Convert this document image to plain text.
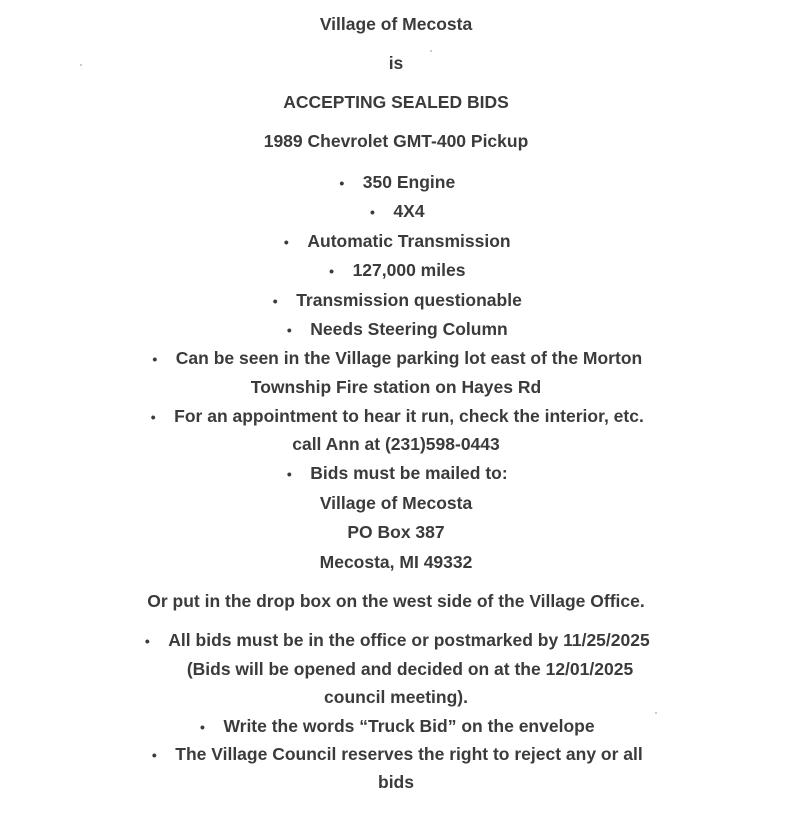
Village of Mecosta
is
ACCEPTING SEALED BIDS
1989 Chevrolet GMT-400 Pickup
• 350 Engine
• 4X4
• Automatic Transmission
• 127,000 miles
• Transmission questionable
• Needs Steering Column
• Can be seen in the Village parking lot east of the Morton
Township Fire station on Hayes Rd
• For an appointment to hear it run, check the interior, etc.
call Ann at (231)598-0443
• Bids must be mailed to:
Village of Mecosta
PO Box 387
Mecosta, MI 49332
Or put in the drop box on the west side of the Village Office.
• All bids must be in the office or postmarked by 11/25/2025
(Bids will be opened and decided on at the 12/01/2025
council meeting).
• Write the words “Truck Bid” on the envelope
• The Village Council reserves the right to reject any or all
bids
